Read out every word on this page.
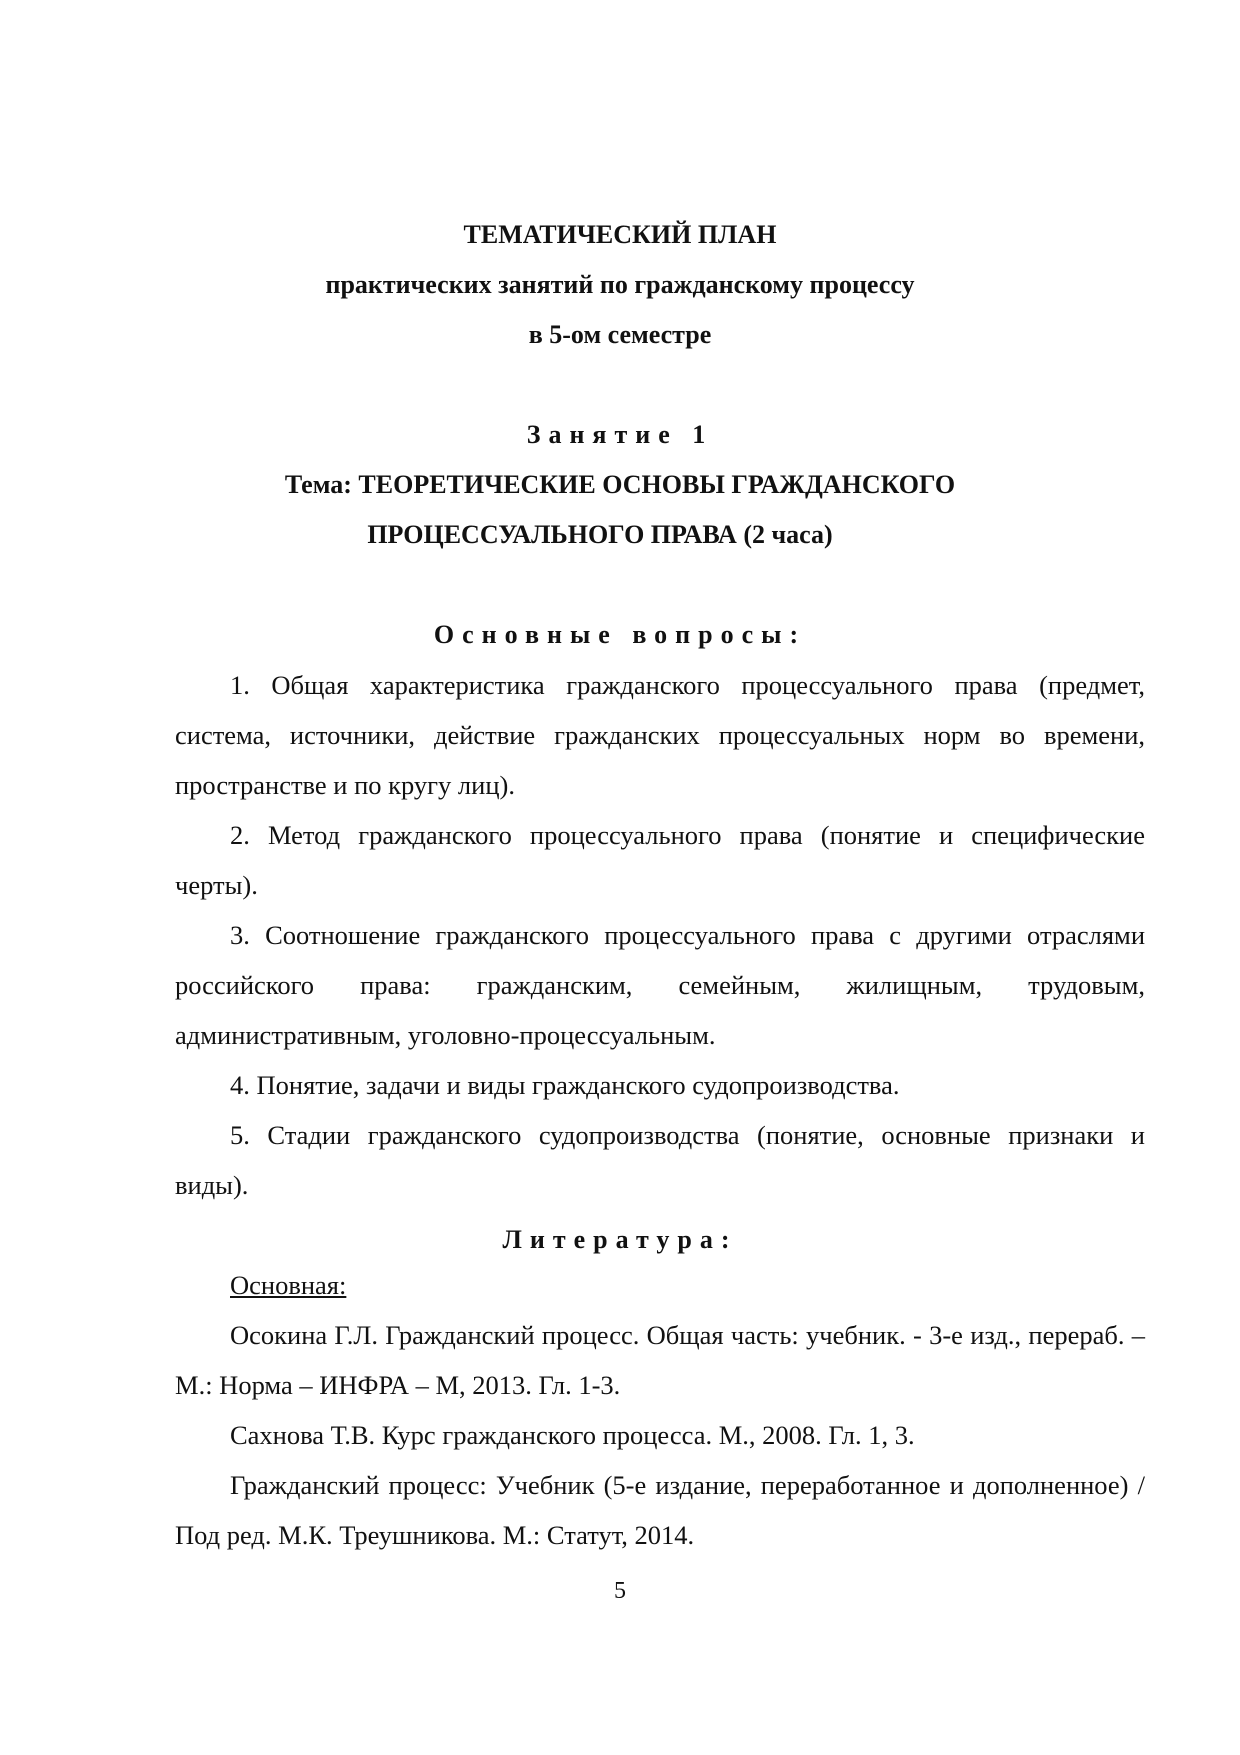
ТЕМАТИЧЕСКИЙ ПЛАН
практических занятий по гражданскому процессу
в 5-ом семестре
Занятие 1
Тема: ТЕОРЕТИЧЕСКИЕ ОСНОВЫ ГРАЖДАНСКОГО
ПРОЦЕССУАЛЬНОГО ПРАВА (2 часа)
Основные вопросы:
1. Общая характеристика гражданского процессуального права (предмет, система, источники, действие гражданских процессуальных норм во времени, пространстве и по кругу лиц).
2. Метод гражданского процессуального права (понятие и специфические черты).
3. Соотношение гражданского процессуального права с другими отраслями российского права: гражданским, семейным, жилищным, трудовым, административным, уголовно-процессуальным.
4. Понятие, задачи и виды гражданского судопроизводства.
5. Стадии гражданского судопроизводства (понятие, основные признаки и виды).
Литература:
Основная:
Осокина Г.Л. Гражданский процесс. Общая часть: учебник. - 3-е изд., перераб. – М.: Норма – ИНФРА – М, 2013. Гл. 1-3.
Сахнова Т.В. Курс гражданского процесса. М., 2008. Гл. 1, 3.
Гражданский процесс: Учебник (5-е издание, переработанное и дополненное) / Под ред. М.К. Треушникова. М.: Статут, 2014.
5
